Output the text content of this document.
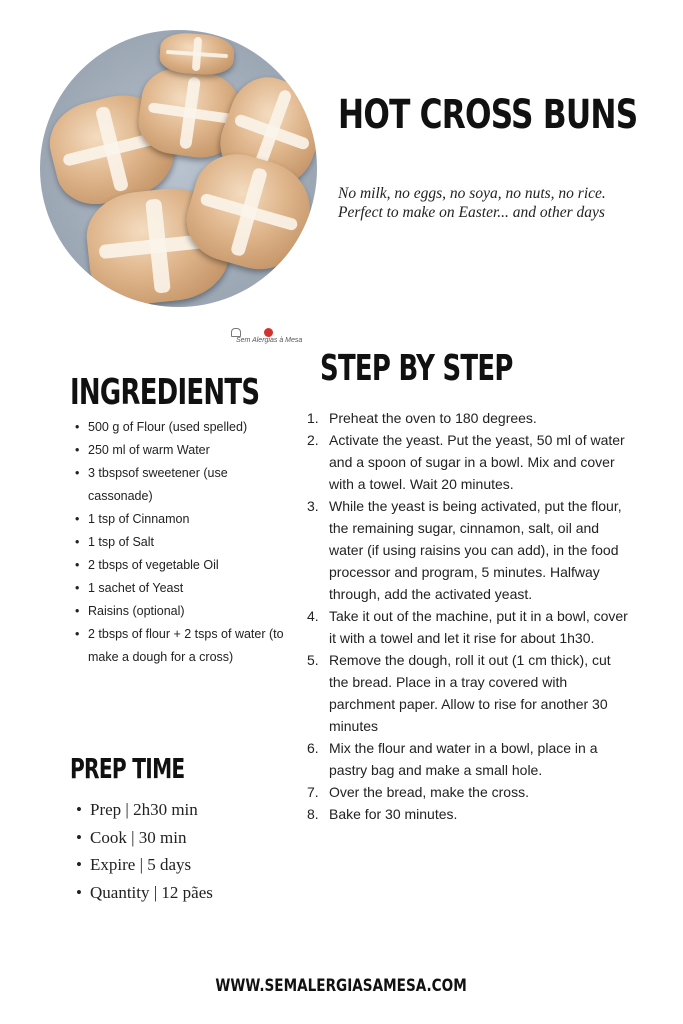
HOT CROSS BUNS
No milk, no eggs, no soya, no nuts, no rice.
Perfect to make on Easter... and other days
Sem Alergias à Mesa
INGREDIENTS
• 500 g of Flour (used spelled)
• 250 ml of warm Water
• 3 tbspsof sweetener (use cassonade)
• 1 tsp of Cinnamon
• 1 tsp of Salt
• 2 tbsps of vegetable Oil
• 1 sachet of Yeast
• Raisins (optional)
• 2 tbsps of flour + 2 tsps of water (to make a dough for a cross)
STEP BY STEP
1. Preheat the oven to 180 degrees.
2. Activate the yeast. Put the yeast, 50 ml of water and a spoon of sugar in a bowl. Mix and cover with a towel. Wait 20 minutes.
3. While the yeast is being activated, put the flour, the remaining sugar, cinnamon, salt, oil and water (if using raisins you can add), in the food processor and program, 5 minutes. Halfway through, add the activated yeast.
4. Take it out of the machine, put it in a bowl, cover it with a towel and let it rise for about 1h30.
5. Remove the dough, roll it out (1 cm thick), cut the bread. Place in a tray covered with parchment paper. Allow to rise for another 30 minutes
6. Mix the flour and water in a bowl, place in a pastry bag and make a small hole.
7. Over the bread, make the cross.
8. Bake for 30 minutes.
PREP TIME
• Prep | 2h30 min
• Cook | 30 min
• Expire | 5 days
• Quantity | 12 pães
WWW.SEMALERGIASAMESA.COM
